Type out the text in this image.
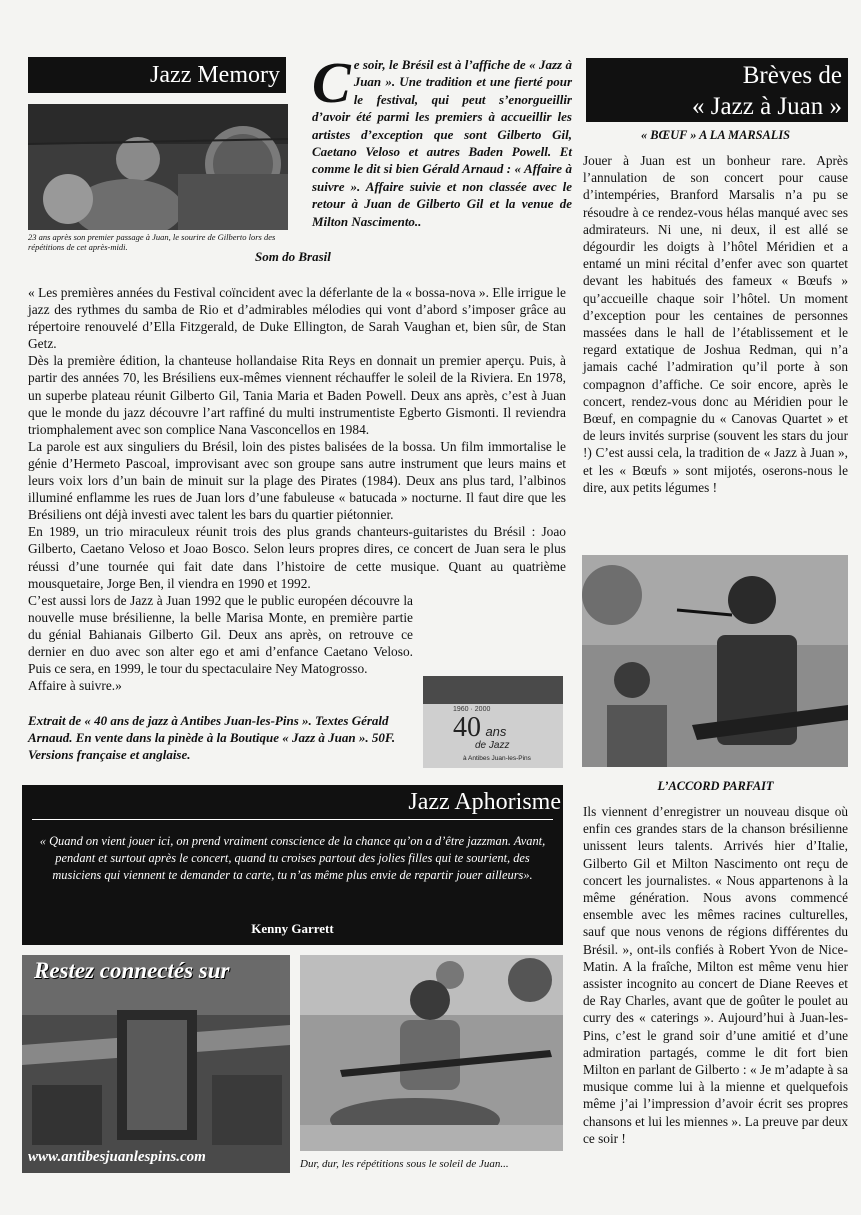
Jazz Memory
23 ans après son premier passage à Juan, le sourire de Gilberto lors des répétitions de cet après-midi.
Ce soir, le Brésil est à l’affiche de « Jazz à Juan ». Une tradition et une fierté pour le festival, qui peut s’enorgueillir d’avoir été parmi les premiers à accueillir les artistes d’exception que sont Gilberto Gil, Caetano Veloso et autres Baden Powell. Et comme le dit si bien Gérald Arnaud : « Affaire à suivre ». Affaire suivie et non classée avec le retour à Juan de Gilberto Gil et la venue de Milton Nascimento..
Som do Brasil

« Les premières années du Festival coïncident avec la déferlante de la « bossa-nova ». Elle irrigue le jazz des rythmes du samba de Rio et d’admirables mélodies qui vont d’abord s’imposer grâce au répertoire renouvelé d’Ella Fitzgerald, de Duke Ellington, de Sarah Vaughan et, bien sûr, de Stan Getz.

Dès la première édition, la chanteuse hollandaise Rita Reys en donnait un premier aperçu. Puis, à partir des années 70, les Brésiliens eux-mêmes viennent réchauffer le soleil de la Riviera. En 1978, un superbe plateau réunit Gilberto Gil, Tania Maria et Baden Powell. Deux ans après, c’est à Juan que le monde du jazz découvre l’art raffiné du multi instrumentiste Egberto Gismonti. Il reviendra triomphalement avec son complice Nana Vasconcellos en 1984.

La parole est aux singuliers du Brésil, loin des pistes balisées de la bossa. Un film immortalise le génie d’Hermeto Pascoal, improvisant avec son groupe sans autre instrument que leurs mains et leurs voix lors d’un bain de minuit sur la plage des Pirates (1984). Deux ans plus tard, l’albinos illuminé enflamme les rues de Juan lors d’une fabuleuse « batucada » nocturne. Il faut dire que les Brésiliens ont déjà investi avec talent les bars du quartier piétonnier.

En 1989, un trio miraculeux réunit trois des plus grands chanteurs-guitaristes du Brésil : Joao Gilberto, Caetano Veloso et Joao Bosco. Selon leurs propres dires, ce concert de Juan sera le plus réussi d’une tournée qui fait date dans l’histoire de cette musique. Quant au quatrième mousquetaire, Jorge Ben, il viendra en 1990 et 1992.

C’est aussi lors de Jazz à Juan 1992 que le public européen découvre la nouvelle muse brésilienne, la belle Marisa Monte, en première partie du génial Bahianais Gilberto Gil. Deux ans après, on retrouve ce dernier en duo avec son alter ego et ami d’enfance Caetano Veloso. Puis ce sera, en 1999, le tour du spectaculaire Ney Matogrosso.

Affaire à suivre.»

1960 · 2000
40 ans
de Jazz
à Antibes Juan-les-Pins
Extrait de « 40 ans de jazz à Antibes Juan-les-Pins ». Textes Gérald Arnaud. En vente dans la pinède à la Boutique « Jazz à Juan ». 50F. Versions française et anglaise.
Jazz Aphorisme
« Quand on vient jouer ici, on prend vraiment conscience de la chance qu’on a d’être jazzman. Avant, pendant et surtout après le concert, quand tu croises partout des jolies filles qui te sourient, des musiciens qui viennent te demander ta carte, tu n’as même plus envie de repartir jouer ailleurs».
Kenny Garrett
Restez connectés sur
www.antibesjuanlespins.com	Dur, dur, les répétitions sous le soleil de Juan...
Brèves de
« Jazz à Juan »
« BŒUF » A LA MARSALIS

Jouer à Juan est un bonheur rare. Après l’annulation de son concert pour cause d’intempéries, Branford Marsalis n’a pu se résoudre à ce rendez-vous hélas manqué avec ses admirateurs. Ni une, ni deux, il est allé se dégourdir les doigts à l’hôtel Méridien et a entamé un mini récital d’enfer avec son quartet devant les habitués des fameux « Bœufs » qu’accueille chaque soir l’hôtel. Un moment d’exception pour les centaines de personnes massées dans le hall de l’établissement et le regard extatique de Joshua Redman, qui n’a jamais caché l’admiration qu’il porte à son compagnon d’affiche. Ce soir encore, après le concert, rendez-vous donc au Méridien pour le Bœuf, en compagnie du « Canovas Quartet » et de leurs invités surprise (souvent les stars du jour !) C’est aussi cela, la tradition de « Jazz à Juan », et les « Bœufs » sont mijotés, oserons-nous le dire, aux petits légumes !

L’ACCORD PARFAIT

Ils viennent d’enregistrer un nouveau disque où enfin ces grandes stars de la chanson brésilienne unissent leurs talents. Arrivés hier d’Italie, Gilberto Gil et Milton Nascimento ont reçu de concert les journalistes. « Nous appartenons à la même génération. Nous avons commencé ensemble avec les mêmes racines culturelles, sauf que nous venons de régions différentes du Brésil. », ont-ils confiés à Robert Yvon de Nice-Matin. A la fraîche, Milton est même venu hier assister incognito au concert de Diane Reeves et de Ray Charles, avant que de goûter le poulet au curry des « caterings ». Aujourd’hui à Juan-les-Pins, c’est le grand soir d’une amitié et d’une admiration partagés, comme le dit fort bien Milton en parlant de Gilberto : « Je m’adapte à sa musique comme lui à la mienne et quelquefois même j’ai l’impression d’avoir écrit ses propres chansons et lui les miennes ». La preuve par deux ce soir !
